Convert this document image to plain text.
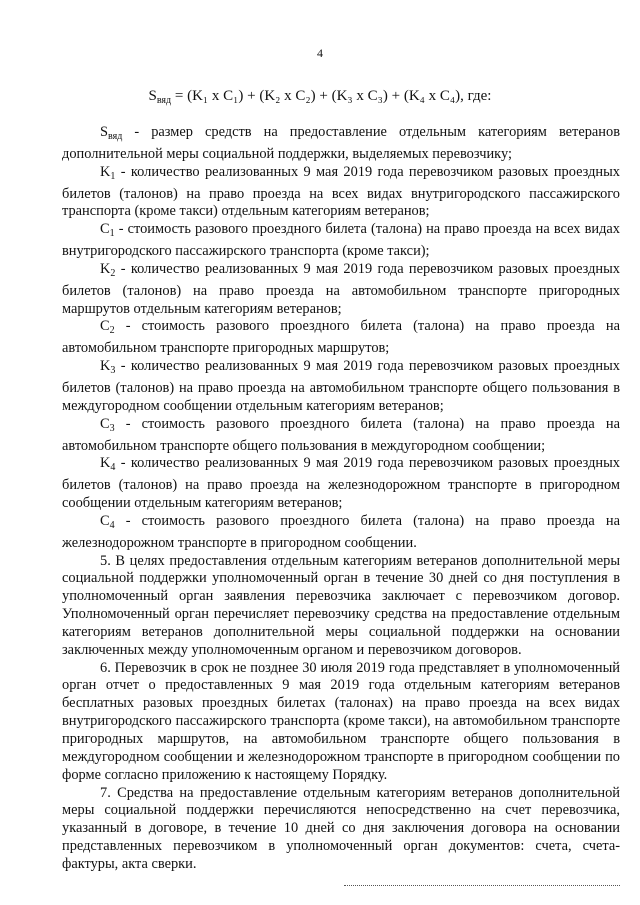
4
$S_{вяд} = (K_1$ x C₁) + (K₂ x C₂) + (K₃ x C₃) + (K₄ x C₄), где:

$S_{вяд}$ - размер средств на предоставление отдельным категориям ветеранов дополнительной меры социальной поддержки, выделяемых перевозчику;

$K_1$ - количество реализованных 9 мая 2019 года перевозчиком разовых проездных билетов (талонов) на право проезда на всех видах внутригородского пассажирского транспорта (кроме такси) отдельным категориям ветеранов;

$C_1$ - стоимость разового проездного билета (талона) на право проезда на всех видах внутригородского пассажирского транспорта (кроме такси);

$K_2$ - количество реализованных 9 мая 2019 года перевозчиком разовых проездных билетов (талонов) на право проезда на автомобильном транспорте пригородных маршрутов отдельным категориям ветеранов;

$C_2$ - стоимость разового проездного билета (талона) на право проезда на автомобильном транспорте пригородных маршрутов;

$K_3$ - количество реализованных 9 мая 2019 года перевозчиком разовых проездных билетов (талонов) на право проезда на автомобильном транспорте общего пользования в междугородном сообщении отдельным категориям ветеранов;

$C_3$ - стоимость разового проездного билета (талона) на право проезда на автомобильном транспорте общего пользования в междугородном сообщении;

$K_4$ - количество реализованных 9 мая 2019 года перевозчиком разовых проездных билетов (талонов) на право проезда на железнодорожном транспорте в пригородном сообщении отдельным категориям ветеранов;

$C_4$ - стоимость разового проездного билета (талона) на право проезда на железнодорожном транспорте в пригородном сообщении.

5. В целях предоставления отдельным категориям ветеранов дополнительной меры социальной поддержки уполномоченный орган в течение 30 дней со дня поступления в уполномоченный орган заявления перевозчика заключает с перевозчиком договор. Уполномоченный орган перечисляет перевозчику средства на предоставление отдельным категориям ветеранов дополнительной меры социальной поддержки на основании заключенных между уполномоченным органом и перевозчиком договоров.

6. Перевозчик в срок не позднее 30 июля 2019 года представляет в уполномоченный орган отчет о предоставленных 9 мая 2019 года отдельным категориям ветеранов бесплатных разовых проездных билетах (талонах) на право проезда на всех видах внутригородского пассажирского транспорта (кроме такси), на автомобильном транспорте пригородных маршрутов, на автомобильном транспорте общего пользования в междугородном сообщении и железнодорожном транспорте в пригородном сообщении по форме согласно приложению к настоящему Порядку.

7. Средства на предоставление отдельным категориям ветеранов дополнительной меры социальной поддержки перечисляются непосредственно на счет перевозчика, указанный в договоре, в течение 10 дней со дня заключения договора на основании представленных перевозчиком в уполномоченный орган документов: счета, счета-фактуры, акта сверки.
